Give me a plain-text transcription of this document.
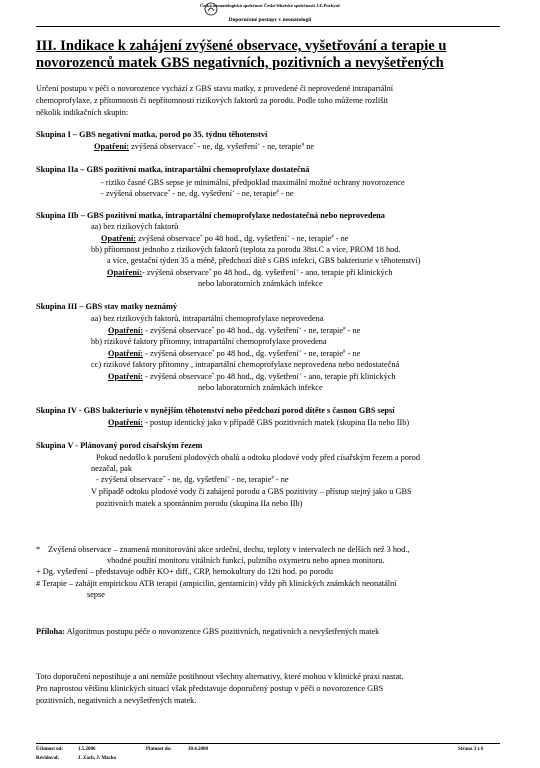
Česká neonatologická společnost České lékařské společnosti J.E.Purkyně
Doporučené postupy v neonatologii
III. Indikace k zahájení zvýšené observace, vyšetřování a terapie u
novorozenců matek GBS negativních, pozitivních a nevyšetřených
Určení postupu v péči o novorozence vychází z GBS stavu matky, z provedené či neprovedené intrapartální
chemoprofylaxe, z přítomnosti či nepřítomnosti rizikových faktorů za porodu. Podle toho můžeme rozlišit
několik indikačních skupin:
Skupina I – GBS negativní matka, porod po 35. týdnu těhotenství
Opatření: zvýšená observace* - ne, dg. vyšetření+ - ne, terapie# ne
Skupina IIa – GBS pozitivní matka, intrapartální chemoprofylaxe dostatečná
- riziko časné GBS sepse je minimální, předpoklad maximální možné ochrany novorozence
- zvýšená observace* - ne, dg. vyšetření+ - ne, terapie# - ne
Skupina IIb – GBS pozitivní matka, intrapartální chemoprofylaxe nedostatečná nebo neprovedena
aa) bez rizikových faktorů
Opatření: zvýšená observace* po 48 hod., dg. vyšetření+ - ne, terapie# - ne
bb) přítomnost jednoho z rizikových faktorů (teplota za porodu 38st.C a více, PROM 18 hod.
a více, gestační týden 35 a méně, předchozí dítě s GBS infekcí, GBS bakteriurie v těhotenství)
Opatření:- zvýšená observace* po 48 hod., dg. vyšetření+ - ano, terapie při klinických
nebo laboratorních známkách infekce
Skupina III – GBS stav matky neznámý
aa) bez rizikových faktorů, intrapartální chemoprofylaxe neprovedena
Opatření: - zvýšená observace* po 48 hod., dg. vyšetření+ - ne, terapie# - ne
bb) rizikové faktory přítomny, intrapartální chemoprofylaxe provedena
Opatření: - zvýšená observace* po 48 hod., dg. vyšetření+ - ne, terapie# - ne
cc) rizikové faktory přítomny , intrapartální chemoprofylaxe neprovedena nebo nedostatečná
Opatření: - zvýšená observace* po 48 hod., dg. vyšetření+ - ano, terapie při klinických
nebo laboratorních známkách infekce
Skupina IV - GBS bakteriurie v nynějším těhotenství nebo předchozí porod dítěte s časnou GBS sepsí
Opatření: - postup identický jako v případě GBS pozitivních matek (skupina IIa nebo IIb)
Skupina V - Plánovaný porod císařským řezem
Pokud nedošlo k porušení plodových obalů a odtoku plodové vody před císařským řezem a porod
nezačal, pak
- zvýšená observace* - ne, dg. vyšetření+ - ne, terapie# - ne
V případě odtoku plodové vody či zahájení porodu a GBS pozitivity – přístup stejný jako u GBS
pozitivních matek a spontánním porodu (skupina IIa nebo IIb)
* Zvýšená observace – znamená monitorování akce srdeční, dechu, teploty v intervalech ne delších než 3 hod.,
vhodné použití monitoru vitálních funkcí, pulzního oxymetru nebo apnea monitoru.
+ Dg. vyšetření – představuje odběr KO+ diff., CRP, hemokultury do 12ti hod. po porodu
# Terapie – zahájit empirickou ATB terapii (ampicilin, gentamicin) vždy při klinických známkách neonatální
sepse
Příloha: Algoritmus postupu péče o novorozence GBS pozitivních, negativních a nevyšetřených matek
Toto doporučení nepostihuje a ani nemůže postihnout všechny alternativy, které mohou v klinické praxi nastat.
Pro naprostou většinu klinických situací však představuje doporučený postup v péči o novorozence GBS
pozitivních, negativních a nevyšetřených matek.
Účinnost od:	1.5.2006	Platnost do:	30.4.2008	Strana 3 z 6
Revidoval:	J. Zach, J. Macko
